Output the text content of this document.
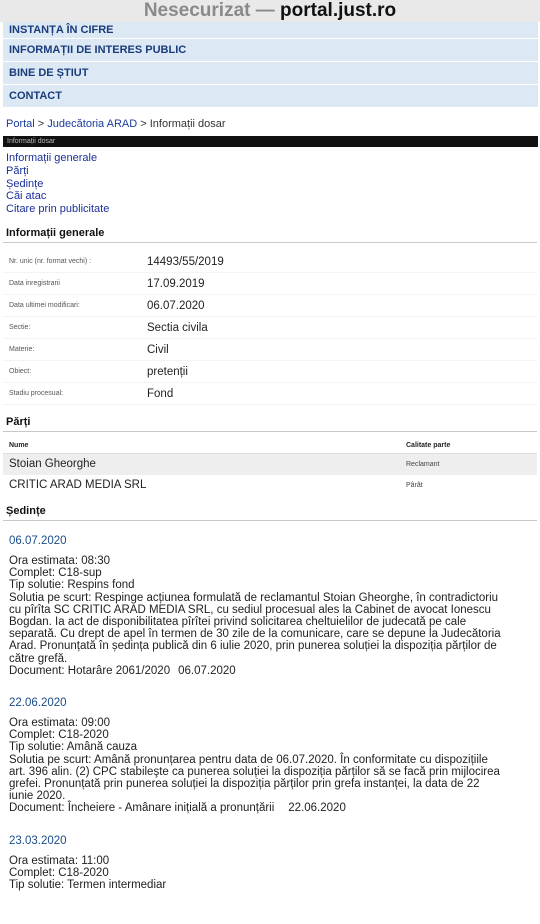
Nesecurizat — portal.just.ro
INSTANȚA ÎN CIFRE
INFORMAȚII DE INTERES PUBLIC
BINE DE ȘTIUT
CONTACT
Portal > Judecătoria ARAD > Informații dosar
Informații dosar
Informații generale
Părți
Ședințe
Căi atac
Citare prin publicitate
Informații generale
Nr. unic (nr. format vechi) :	14493/55/2019
Data inregistrarii	17.09.2019
Data ultimei modificari:	06.07.2020
Sectie:	Sectia civila
Materie:	Civil
Obiect:	pretenții
Stadiu procesual:	Fond
Părți
Nume	Calitate parte
Stoian Gheorghe	Reclamant
CRITIC ARAD MEDIA SRL	Pârât
Ședințe
06.07.2020
Ora estimata: 08:30
Complet: C18-sup
Tip solutie: Respins fond
Solutia pe scurt: Respinge acțiunea formulată de reclamantul Stoian Gheorghe, în contradictoriu
cu pîrîta SC CRITIC ARAD MEDIA SRL, cu sediul procesual ales la Cabinet de avocat Ionescu
Bogdan. Ia act de disponibilitatea pîrîtei privind solicitarea cheltuielilor de judecată pe cale
separată. Cu drept de apel în termen de 30 zile de la comunicare, care se depune la Judecătoria
Arad. Pronunțată în ședința publică din 6 iulie 2020, prin punerea soluției la dispoziția părților de
către grefă.
Document: Hotarâre 2061/2020 06.07.2020
22.06.2020
Ora estimata: 09:00
Complet: C18-2020
Tip solutie: Amână cauza
Solutia pe scurt: Amână pronunțarea pentru data de 06.07.2020. În conformitate cu dispozițiile
art. 396 alin. (2) CPC stabileşte ca punerea soluției la dispoziția părților să se facă prin mijlocirea
grefei. Pronunțată prin punerea soluției la dispoziția părților prin grefa instanței, la data de 22
iunie 2020.
Document: Încheiere - Amânare inițială a pronunțării 22.06.2020
23.03.2020
Ora estimata: 11:00
Complet: C18-2020
Tip solutie: Termen intermediar
